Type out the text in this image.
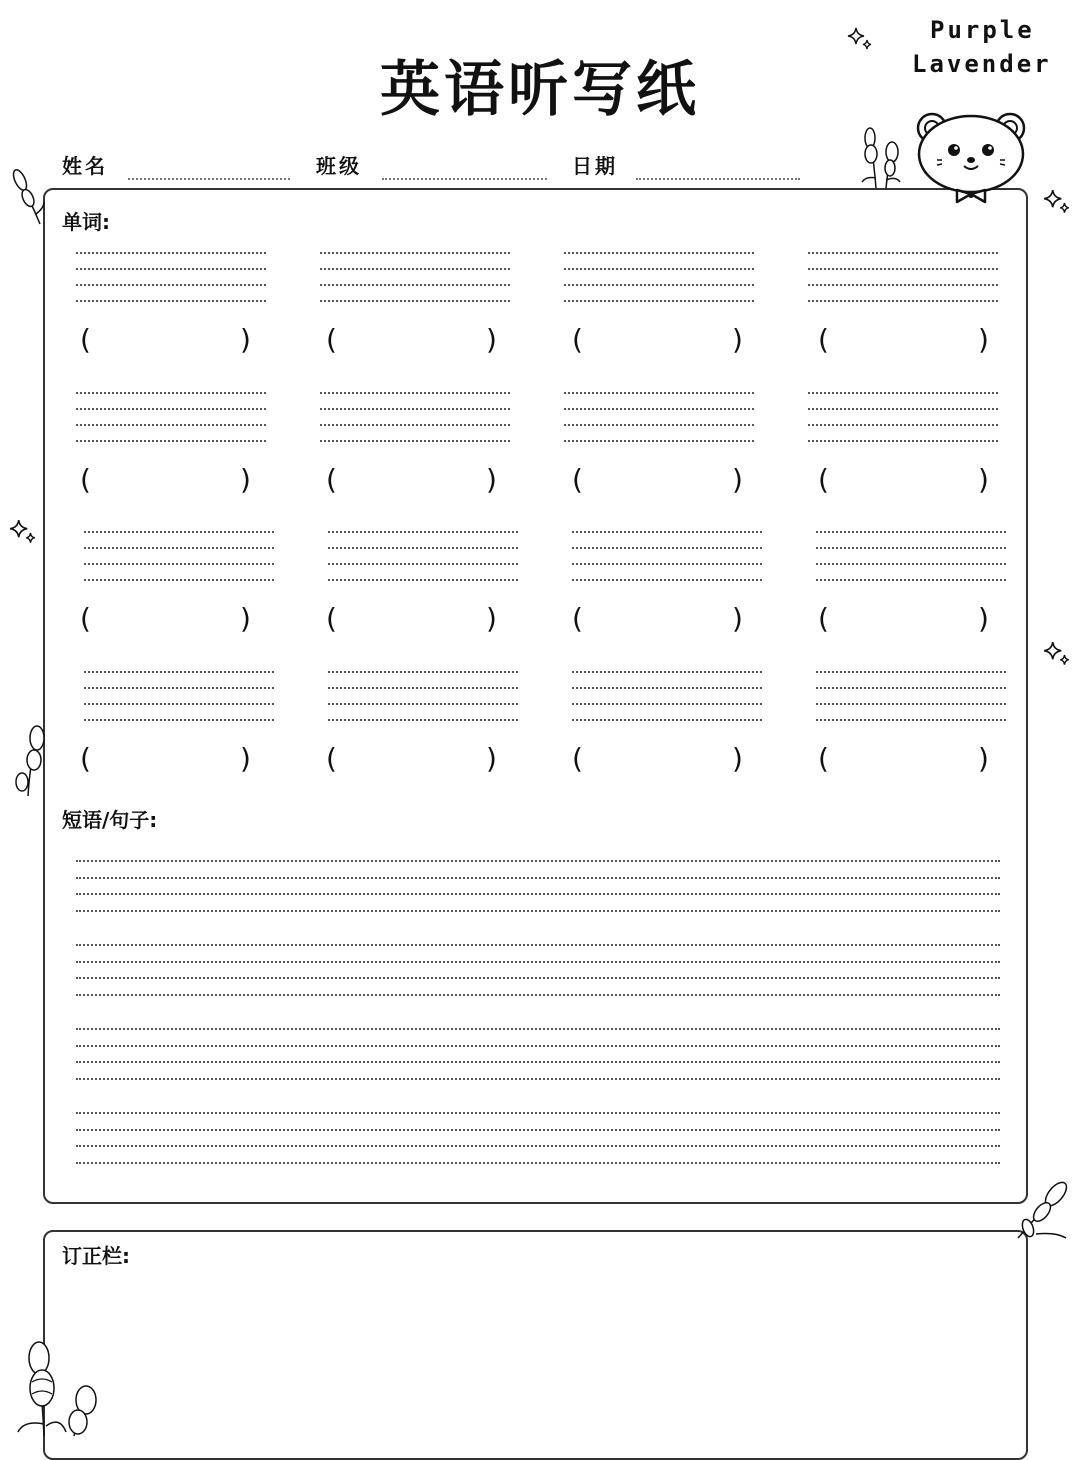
英语听写纸
Purple
Lavender
姓名	班级	日期
单词:
(	)	(	)	(	)	(	)
(	)	(	)	(	)	(	)
(	)	(	)	(	)	(	)
(	)	(	)	(	)	(	)
短语/句子:
订正栏:
